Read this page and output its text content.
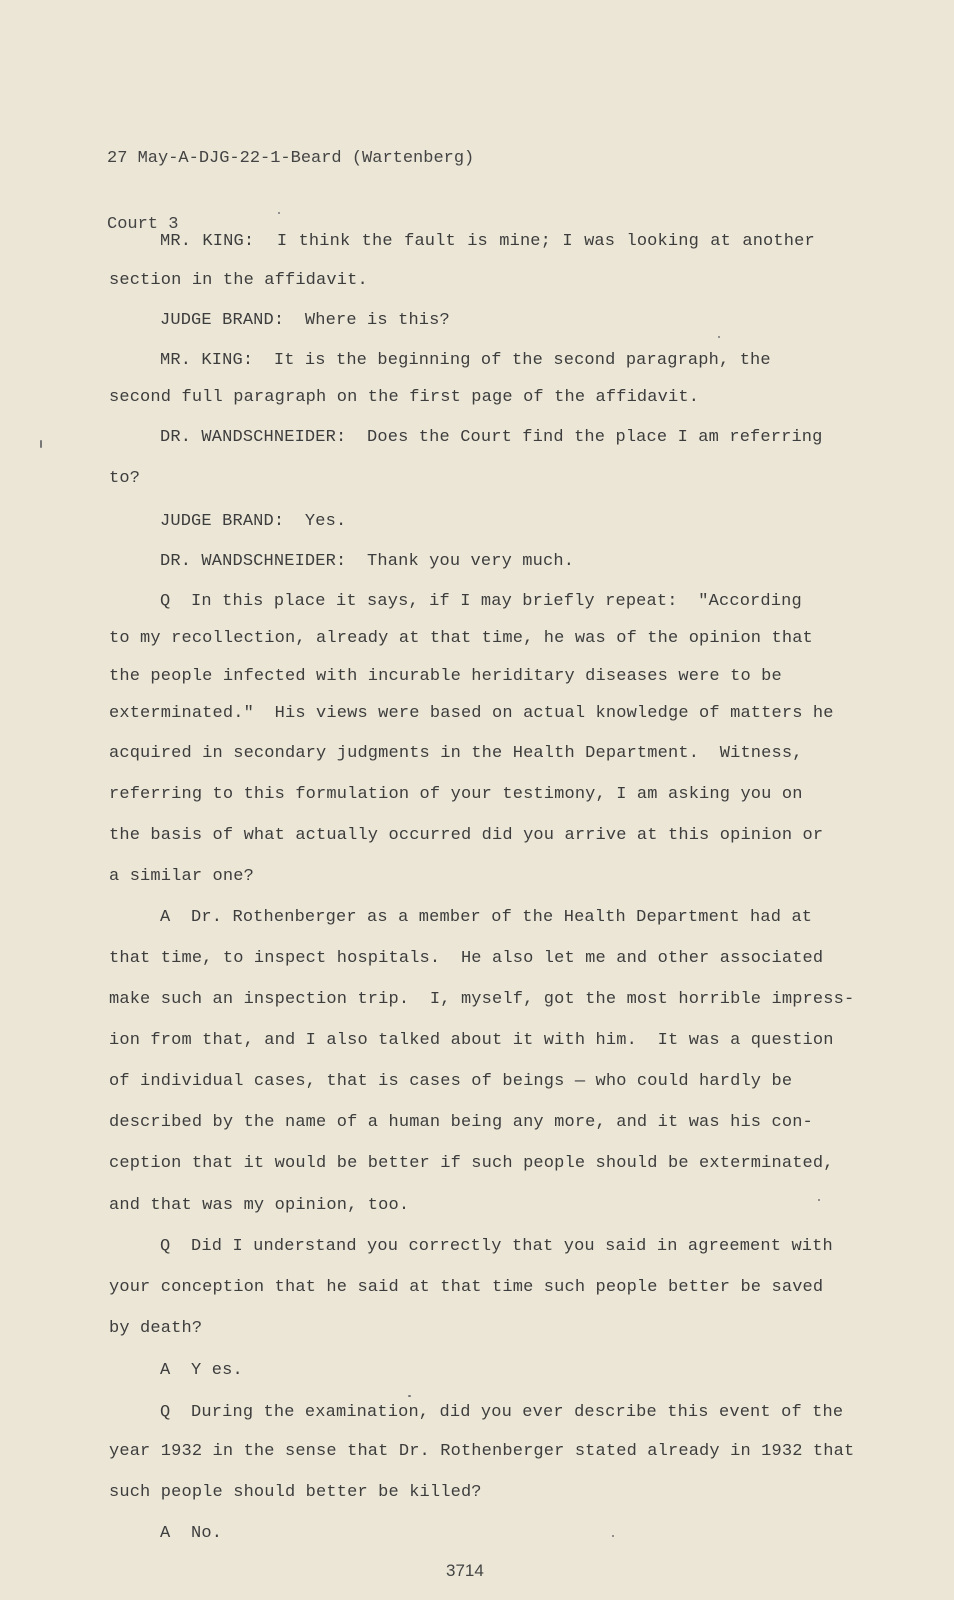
27 May-A-DJG-22-1-Beard (Wartenberg)

Court 3

MR. KING:  I think the fault is mine; I was looking at another
section in the affidavit.
JUDGE BRAND:  Where is this?
MR. KING:  It is the beginning of the second paragraph, the
second full paragraph on the first page of the affidavit.
DR. WANDSCHNEIDER:  Does the Court find the place I am referring
to?
JUDGE BRAND:  Yes.
DR. WANDSCHNEIDER:  Thank you very much.
Q  In this place it says, if I may briefly repeat:  "According
to my recollection, already at that time, he was of the opinion that
the people infected with incurable heriditary diseases were to be
exterminated."  His views were based on actual knowledge of matters he
acquired in secondary judgments in the Health Department.  Witness,
referring to this formulation of your testimony, I am asking you on
the basis of what actually occurred did you arrive at this opinion or
a similar one?
A  Dr. Rothenberger as a member of the Health Department had at
that time, to inspect hospitals.  He also let me and other associated
make such an inspection trip.  I, myself, got the most horrible impress-
ion from that, and I also talked about it with him.  It was a question
of individual cases, that is cases of beings — who could hardly be
described by the name of a human being any more, and it was his con-
ception that it would be better if such people should be exterminated,
and that was my opinion, too.
Q  Did I understand you correctly that you said in agreement with
your conception that he said at that time such people better be saved
by death?
A  Y es.
Q  During the examination, did you ever describe this event of the
year 1932 in the sense that Dr. Rothenberger stated already in 1932 that
such people should better be killed?
A  No.
3714
